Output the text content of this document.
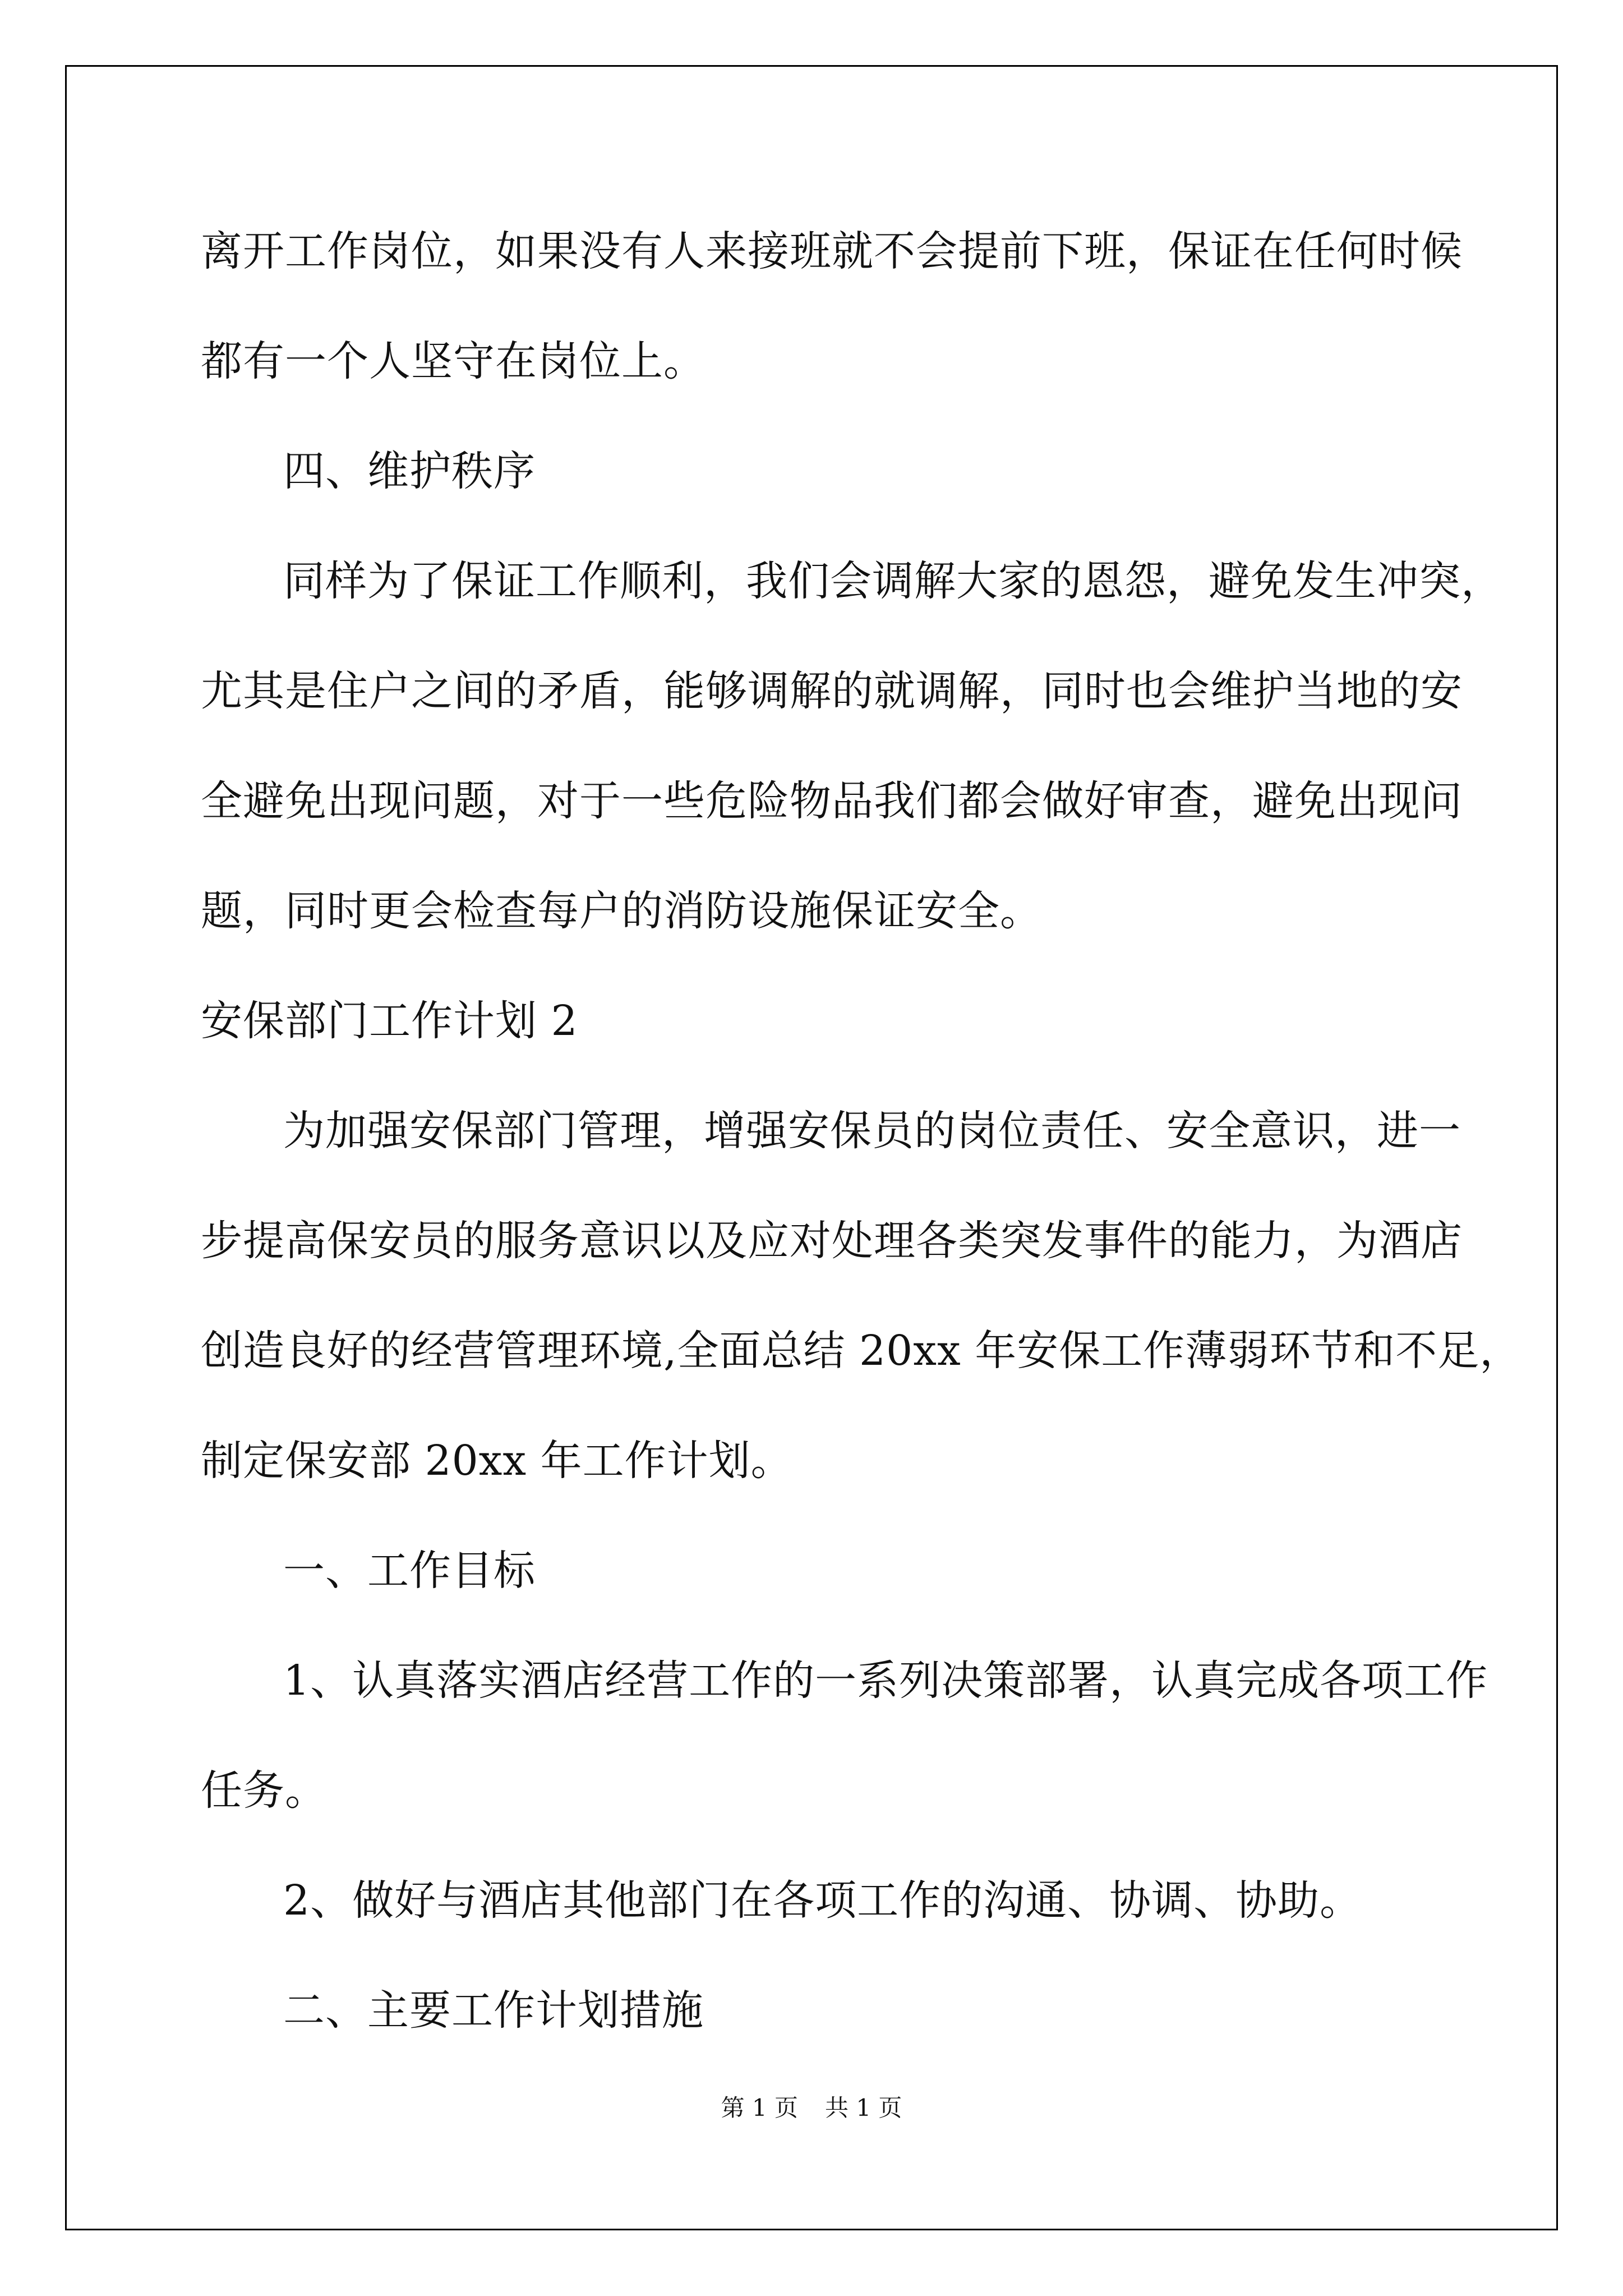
离开工作岗位，如果没有人来接班就不会提前下班，保证在任何时候

都有一个人坚守在岗位上。

四、维护秩序

同样为了保证工作顺利，我们会调解大家的恩怨，避免发生冲突，

尤其是住户之间的矛盾，能够调解的就调解，同时也会维护当地的安

全避免出现问题，对于一些危险物品我们都会做好审查，避免出现问

题，同时更会检查每户的消防设施保证安全。

安保部门工作计划 2

为加强安保部门管理，增强安保员的岗位责任、安全意识，进一

步提高保安员的服务意识以及应对处理各类突发事件的能力，为酒店

创造良好的经营管理环境,全面总结 20xx 年安保工作薄弱环节和不足，

制定保安部 20xx 年工作计划。

一、工作目标

1、认真落实酒店经营工作的一系列决策部署，认真完成各项工作

任务。

2、做好与酒店其他部门在各项工作的沟通、协调、协助。

二、主要工作计划措施

第 1 页 共 1 页
